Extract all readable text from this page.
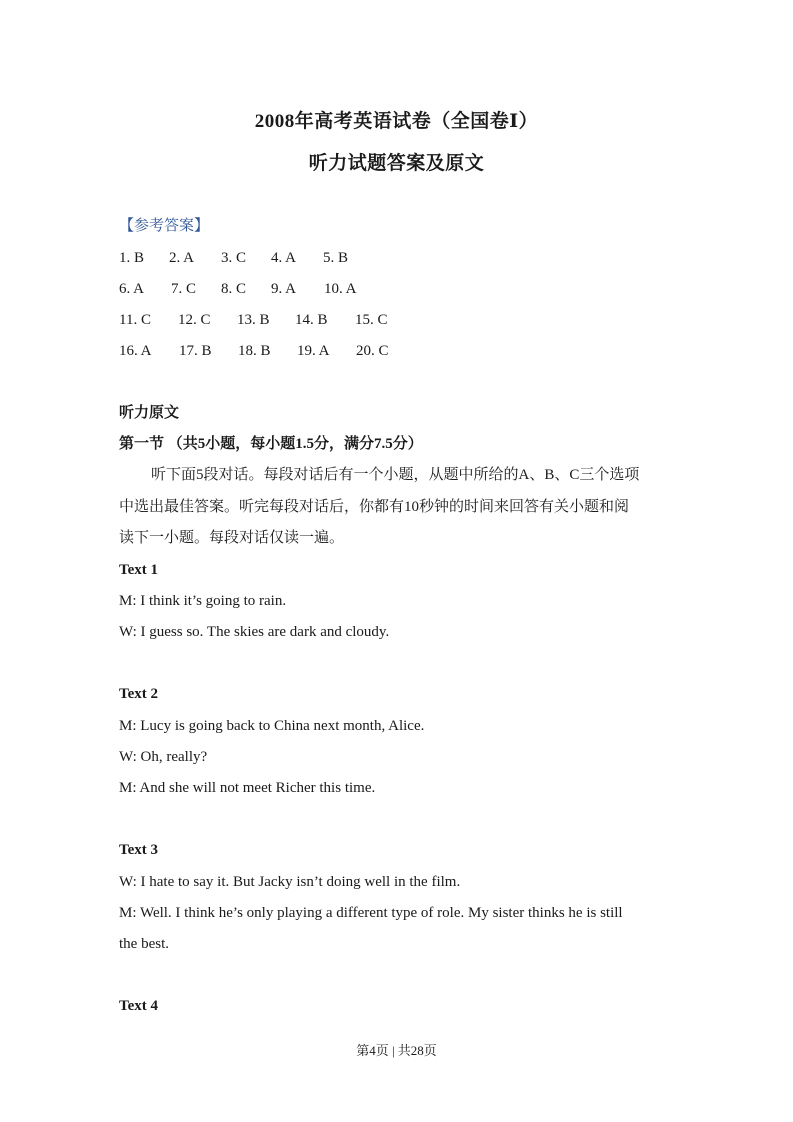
2008年高考英语试卷（全国卷Ⅰ）
听力试题答案及原文
【参考答案】
1. B	2. A	3. C	4. A	5. B
6. A	7. C	8. C	9. A	10. A
11. C	12. C	13. B	14. B	15. C
16. A	17. B	18. B	19. A	20. C
听力原文
第一节 （共5小题，每小题1.5分，满分7.5分）
听下面5段对话。每段对话后有一个小题，从题中所给的A、B、C三个选项
中选出最佳答案。听完每段对话后，你都有10秒钟的时间来回答有关小题和阅
读下一小题。每段对话仅读一遍。
Text 1
M: I think it’s going to rain.
W: I guess so. The skies are dark and cloudy.
Text 2
M: Lucy is going back to China next month, Alice.
W: Oh, really?
M: And she will not meet Richer this time.
Text 3
W: I hate to say it. But Jacky isn’t doing well in the film.
M: Well. I think he’s only playing a different type of role. My sister thinks he is still
the best.
Text 4
第4页 | 共28页
